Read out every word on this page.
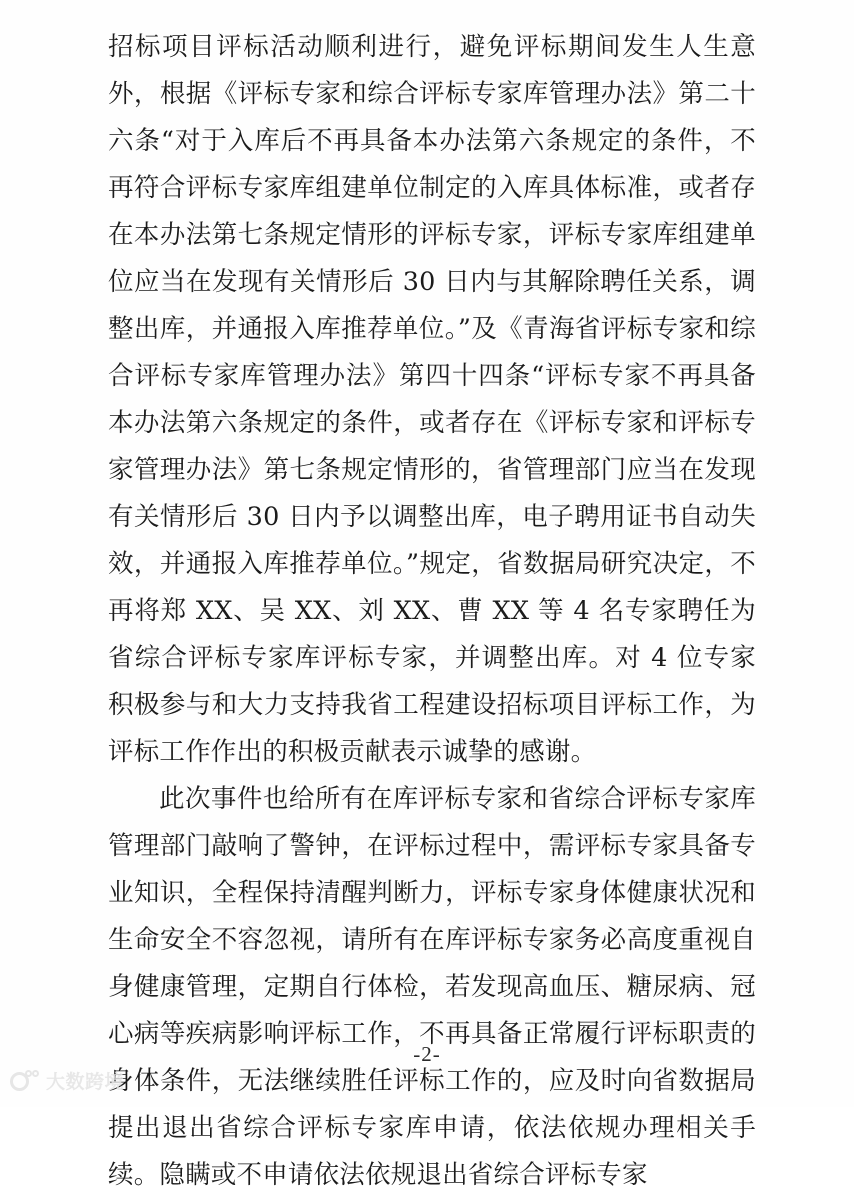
招标项目评标活动顺利进行，避免评标期间发生人生意外，根据《评标专家和综合评标专家库管理办法》第二十六条“对于入库后不再具备本办法第六条规定的条件，不再符合评标专家库组建单位制定的入库具体标准，或者存在本办法第七条规定情形的评标专家，评标专家库组建单位应当在发现有关情形后 30 日内与其解除聘任关系，调整出库，并通报入库推荐单位。”及《青海省评标专家和综合评标专家库管理办法》第四十四条“评标专家不再具备本办法第六条规定的条件，或者存在《评标专家和评标专家管理办法》第七条规定情形的，省管理部门应当在发现有关情形后 30 日内予以调整出库，电子聘用证书自动失效，并通报入库推荐单位。”规定，省数据局研究决定，不再将郑 XX、吴 XX、刘 XX、曹 XX 等 4 名专家聘任为省综合评标专家库评标专家，并调整出库。对 4 位专家积极参与和大力支持我省工程建设招标项目评标工作，为评标工作作出的积极贡献表示诚挚的感谢。

此次事件也给所有在库评标专家和省综合评标专家库管理部门敲响了警钟，在评标过程中，需评标专家具备专业知识，全程保持清醒判断力，评标专家身体健康状况和生命安全不容忽视，请所有在库评标专家务必高度重视自身健康管理，定期自行体检，若发现高血压、糖尿病、冠心病等疾病影响评标工作，不再具备正常履行评标职责的身体条件，无法继续胜任评标工作的，应及时向省数据局提出退出省综合评标专家库申请，依法依规办理相关手续。隐瞒或不申请依法依规退出省综合评标专家

-2-
大数跨境
